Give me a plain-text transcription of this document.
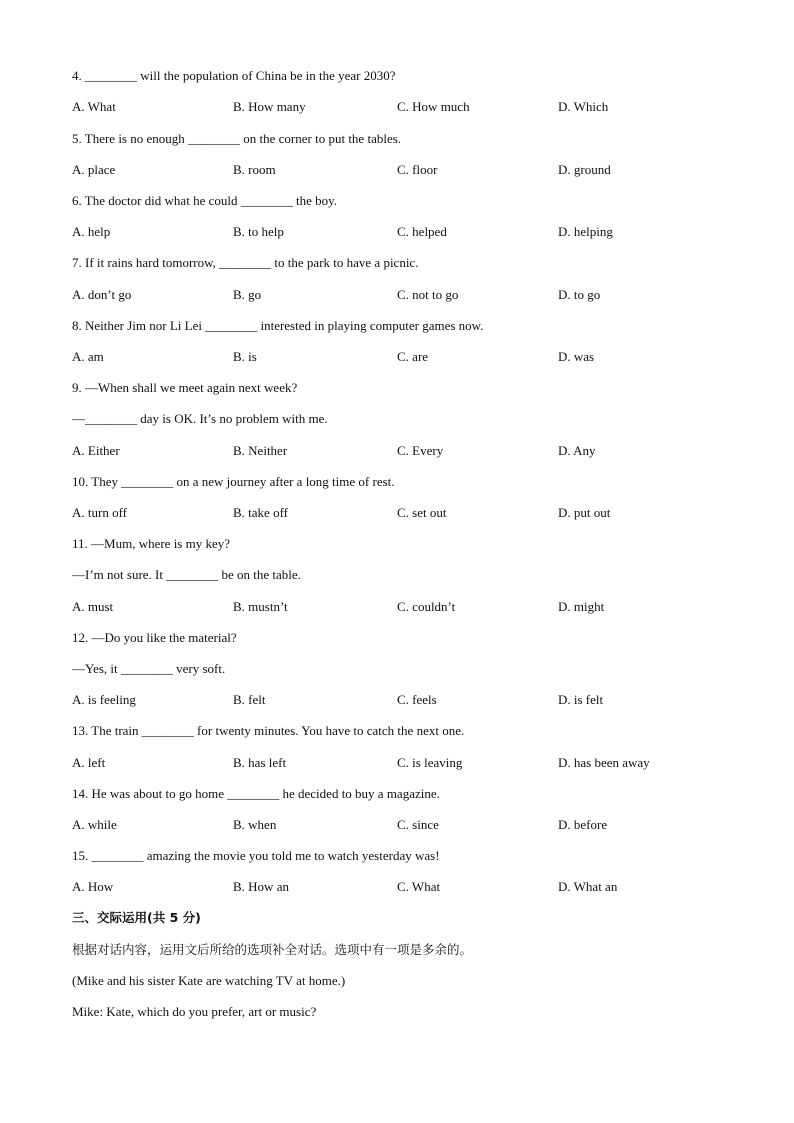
4. ________ will the population of China be in the year 2030?
A. What	B. How many	C. How much	D. Which
5. There is no enough ________ on the corner to put the tables.
A. place	B. room	C. floor	D. ground
6. The doctor did what he could ________ the boy.
A. help	B. to help	C. helped	D. helping
7. If it rains hard tomorrow, ________ to the park to have a picnic.
A. don’t go	B. go	C. not to go	D. to go
8. Neither Jim nor Li Lei ________ interested in playing computer games now.
A. am	B. is	C. are	D. was
9. —When shall we meet again next week?
—________ day is OK. It’s no problem with me.
A. Either	B. Neither	C. Every	D. Any
10. They ________ on a new journey after a long time of rest.
A. turn off	B. take off	C. set out	D. put out
11. —Mum, where is my key?
—I’m not sure. It ________ be on the table.
A. must	B. mustn’t	C. couldn’t	D. might
12. —Do you like the material?
—Yes, it ________ very soft.
A. is feeling	B. felt	C. feels	D. is felt
13. The train ________ for twenty minutes. You have to catch the next one.
A. left	B. has left	C. is leaving	D. has been away
14. He was about to go home ________ he decided to buy a magazine.
A. while	B. when	C. since	D. before
15. ________ amazing the movie you told me to watch yesterday was!
A. How	B. How an	C. What	D. What an
三、交际运用(共 5 分)
根据对话内容，运用文后所给的选项补全对话。选项中有一项是多余的。
(Mike and his sister Kate are watching TV at home.)
Mike: Kate, which do you prefer, art or music?
